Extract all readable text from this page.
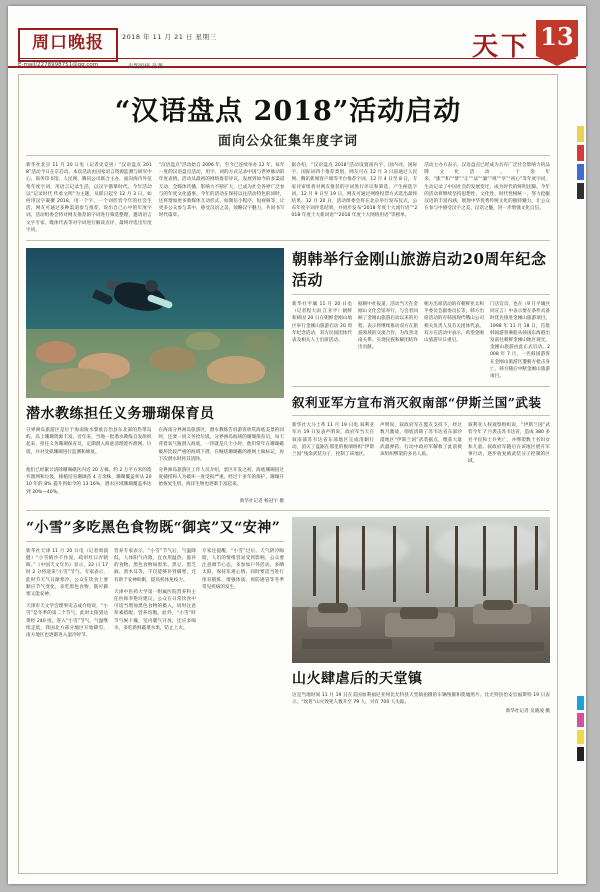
周口晚报	2018 年 11 月 21 日 星期三
E-mail/2278998751@qq.com	出版编辑 孙渊
天下 13
“汉语盘点 2018”活动启动
面向公众征集年度字词
新华社北京 11 月 20 日电（记者史竞男）“汉语盘点 2018”活动今日在京启动。本次活动由国家语言资源监测与研究中心、商务印书馆、人民网、腾讯公司联合主办，面向海内外征集年度字词，用语言记录生活，以汉字描摹时代。今年活动以“记录时代 传承文明”为主题，从即日起至 12 月 3 日，如何用汉字凝聚 2018，用一个字、一个词形容今年的社会生活，网友可通过多种渠道参与推荐，说出自己心中的年度字词。活动组委会将对网友推荐的字词进行筛选整理，邀请语言文字专家、媒体代表等对字词进行解读点评，最终评选出年度字词。
“汉语盘点”活动始自 2006 年，至今已连续举办 12 年。每年一度的汉语盘点活动，用字、词的方式记录中国与世界脉动的年度表情。活动从最初的网络推荐评议，发展到如今的多渠道互动、全媒体传播，影响力不断扩大，已成为社会各界广泛参与的年度文化盛事。今年的活动在保持以往活动特色的同时，还将增加更多新媒体互动形式，如微信小程序、短视频等，让更多公众参与其中，感受汉语之美，领略汉字魅力，共同书写时代篇章。
据介绍，“汉语盘点 2018”活动设置国内字、国内词、国际字、国际词四个推荐类别，网友可在 12 月 3 日前通过人民网、腾讯新闻客户端等平台推荐字词。12 月 4 日至 8 日，专家评审组将对网友推荐的字词进行评议和筛选，产生候选字词。12 月 9 日至 19 日，网友可通过网络投票方式选出最终结果。12 月 20 日，活动组委会将在北京举行发布仪式，公布年度字词评选结果，并同步发布“2018 年度十大流行语”“2018 年度十大新词语”“2018 年度十大网络用语”等榜单。
活动主办方表示，汉语盘点已经成为具有广泛社会影响力的品牌文化活动。十余年来，“涨”“和”“梦”“正”“法”“廉”“规”“享”“初心”等年度字词，生动记录了中国社会的发展变迁，成为时代的鲜明注脚。今年的活动将继续坚持思想性、文化性、时代性相统一，努力挖掘汉语的丰富内涵，展现中华优秀传统文化的独特魅力，让公众在参与中感受汉字之美、汉语之魅，进一步增强文化自信。
潜水教练担任义务珊瑚保育员
分界洲岛旅游区是位于海南陵水黎族自治县东北部的热带岛屿，岛上珊瑚资源丰富。近年来，当地一批潜水教练自发组织起来，担任义务珊瑚保育员，定期潜入海底清理废弃渔网、垃圾，并对受损珊瑚进行监测和修复。
在海南分界洲岛旅游区，潜水教练告诉游客欣赏海底美景的同时，还要一同义务捡垃圾。分界洲岛海域的珊瑚保育员，每天背着氧气瓶潜入海底，一待就是几个小时，他们常年在珊瑚礁破坏比较严重的海域下潜，在缠绕珊瑚礁的渔网上做标记，再下次潜水时将其清除。
他们已经累计清除珊瑚礁区内近 20 万株、约 2 万平方米的废弃渔网和垃圾，移植培育珊瑚苗 4 万余株，珊瑚覆盖率从 2010 年的 8% 提升到如今的 13.16%，潜水区域珊瑚覆盖率达到 30%—40%。
分界洲岛旅游区工作人员介绍，景区开发之初，海底珊瑚因过度捕捞和人为破坏一度受损严重。经过十多年的保护，珊瑚开始恢复生机，海洋生物也逐渐丰富起来。
新华社记者 杨冠宇 摄
朝韩举行金刚山旅游启动20周年纪念活动
新华社平壤 11 月 20 日电（记者程大雨 江亚平）朝鲜和韩国 20 日在朝鲜金刚山地区举行金刚山旅游启动 20 周年纪念活动，双方民间团体代表及相关人士出席活动。
据朝中社报道，活动当天在金刚山文化会馆举行，与会者回顾了金刚山旅游启动以来的历程，表示将继续推动双方在旅游领域的交流合作，为改善北南关系、实现民族和解团结作出贡献。
朝方出席活动的有朝鲜亚太和平委员会副委员长等，韩方出席活动的有韩国现代峨山公司相关负责人及有关团体代表。双方在活动中表示，希望金刚山旅游早日重启。
门店官员，也在（9 月平壤共同宣言）中表示要在条件具备时优先推进金刚山旅游项目。1998 年 11 月 18 日，首批韩国游客乘船从韩国东海港出发前往朝鲜金刚山地区观光，金刚山旅游由此正式启动。2008 年 7 月，一名韩国游客在金刚山旅游区遭朝方枪击身亡，韩方随后中断金刚山旅游项目。
叙利亚军方宣布消灭叙南部“伊斯兰国”武装
新华社大马士革 11 月 19 日电 叙利亚军方 19 日发表声明说，政府军当天在叙南部苏韦达省东部地区完成清剿行动，消灭了盘踞在那里的极端组织“伊斯兰国”残余武装分子，控制了该地区。
声明说，叙政府军在盟友支持下，经过数月激战，彻底清除了苏韦达省东部沙漠地区“伊斯兰国”武装据点，缴获大量武器弹药。行动中政府军解救了此前被该组织绑架的多名人质。
叙利亚人权观察组织说，“伊斯兰国”武装今年 7 月袭击苏韦达省，造成 380 多名平民和士兵死亡，并绑架数十名妇女和儿童。叙政府军随后在该地区展开军事行动，逐步收复被武装分子控制的区域。
“小雪”多吃黑色食物既“御宾”又“安神”
新华社天津 11 月 20 日电（记者周润健）“小雪晴沙不作泥，疏帘红日弄朝晖。”《中国天文年历》显示，22 日 17 时 2 分将迎来“小雪”节气。专家表示，此时节天气日渐寒冷，公众在饮食上要顺应节气变化，多吃黑色食物，既可御寒又能安神。
天津市天文学会理事史志成介绍说，“小雪”是冬季的第二个节气，此时太阳到达黄经 240 度。进入“小雪”节气，气温继续走低，我国北方部分地区开始降雪，南方地区也逐渐进入湿冷时节。
营养专家表示，“小雪”节气后，气温降低，人体阳气内敛，宜食用温热、滋补的食物。黑色食物如黑米、黑豆、黑芝麻、黑木耳等，不仅能够补肾御寒，还有助于安神助眠，提高机体免疫力。
天津中医药大学第一附属医院营养科主任医师李艳玲建议，公众在日常饮食中可适当增加黑色食物的摄入，同时注意荤素搭配、营养均衡。此外，“小雪”时节气候干燥，室内暖气开放，还应多喝水，多吃新鲜蔬菜水果，防止上火。
专家还提醒，“小雪”过后，天气阴冷晦暗，人们的情绪容易受到影响，公众要注意调节心态，多参加户外活动，多晒太阳，保持乐观心情。同时要适当进行体育锻炼，增强体质，预防感冒等冬季常见疾病的发生。
山火肆虐后的天堂镇
这是当地时间 11 月 19 日在美国加利福尼亚州比尤特县天堂镇拍摄的车辆残骸和废墟照片。比尤特县治安官福斯特 19 日表示，“坎普”山火致死人数升至 79 人，另有 700 人失踪。
新华社记者 吴晓凌 摄
